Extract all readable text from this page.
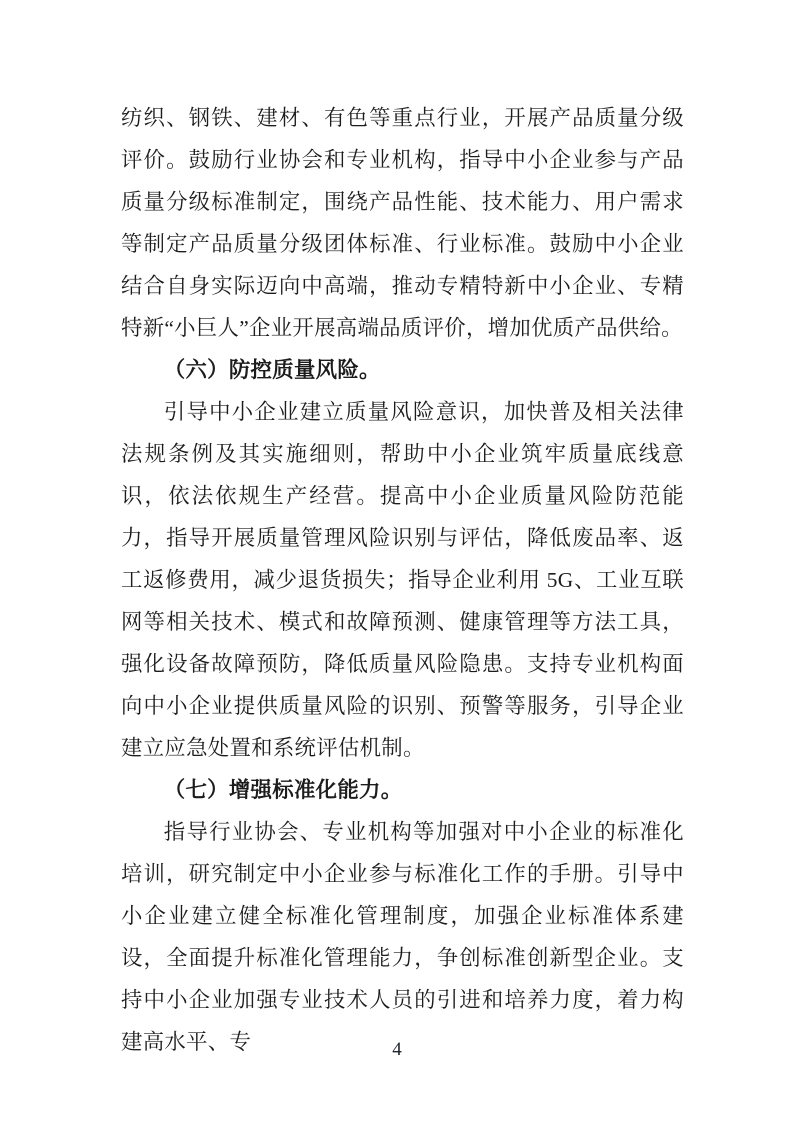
纺织、钢铁、建材、有色等重点行业，开展产品质量分级评价。鼓励行业协会和专业机构，指导中小企业参与产品质量分级标准制定，围绕产品性能、技术能力、用户需求等制定产品质量分级团体标准、行业标准。鼓励中小企业结合自身实际迈向中高端，推动专精特新中小企业、专精特新“小巨人”企业开展高端品质评价，增加优质产品供给。

（六）防控质量风险。

引导中小企业建立质量风险意识，加快普及相关法律法规条例及其实施细则，帮助中小企业筑牢质量底线意识，依法依规生产经营。提高中小企业质量风险防范能力，指导开展质量管理风险识别与评估，降低废品率、返工返修费用，减少退货损失；指导企业利用 5G、工业互联网等相关技术、模式和故障预测、健康管理等方法工具，强化设备故障预防，降低质量风险隐患。支持专业机构面向中小企业提供质量风险的识别、预警等服务，引导企业建立应急处置和系统评估机制。

（七）增强标准化能力。

指导行业协会、专业机构等加强对中小企业的标准化培训，研究制定中小企业参与标准化工作的手册。引导中小企业建立健全标准化管理制度，加强企业标准体系建设，全面提升标准化管理能力，争创标准创新型企业。支持中小企业加强专业技术人员的引进和培养力度，着力构建高水平、专	4
